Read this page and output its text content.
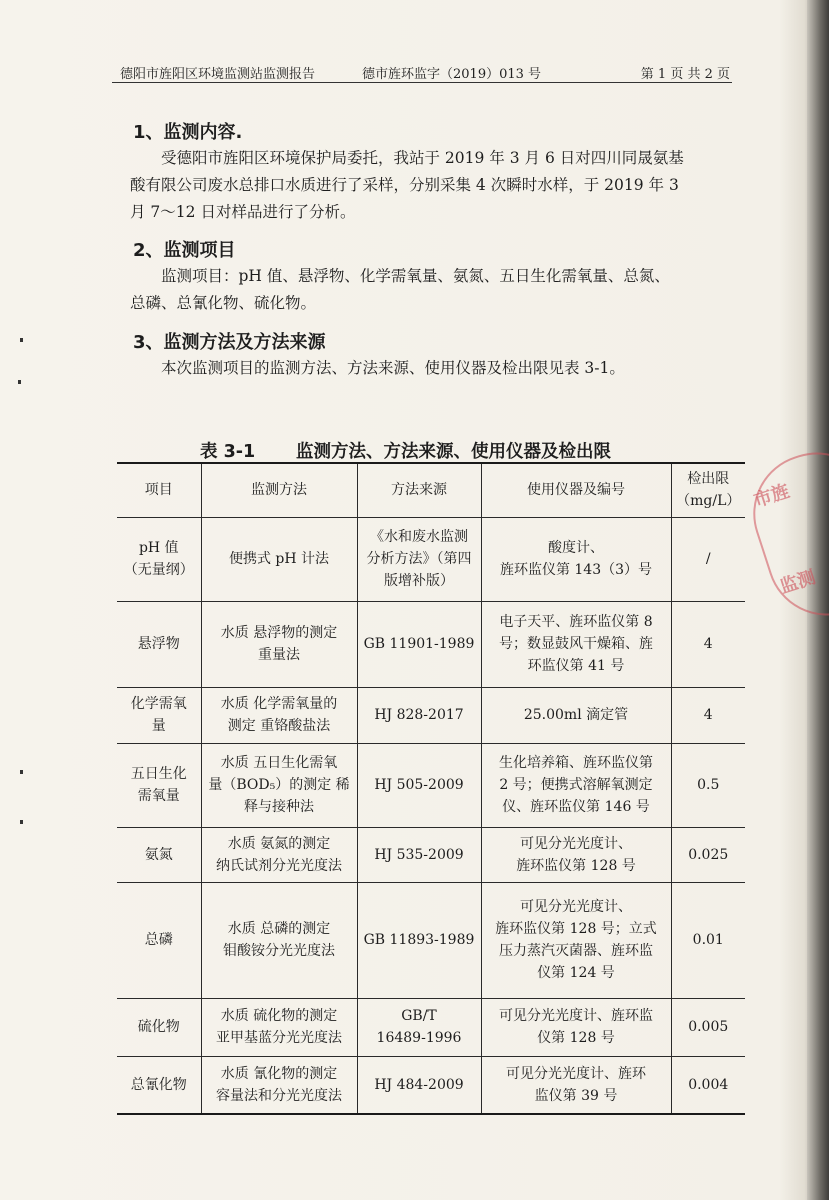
德阳市旌阳区环境监测站监测报告	德市旌环监字（2019）013 号	第 1 页 共 2 页
1、监测内容.
受德阳市旌阳区环境保护局委托，我站于 2019 年 3 月 6 日对四川同晟氨基
酸有限公司废水总排口水质进行了采样，分别采集 4 次瞬时水样，于 2019 年 3
月 7～12 日对样品进行了分析。
2、监测项目
监测项目：pH 值、悬浮物、化学需氧量、氨氮、五日生化需氧量、总氮、
总磷、总氰化物、硫化物。
3、监测方法及方法来源
本次监测项目的监测方法、方法来源、使用仪器及检出限见表 3-1。
表 3-1 监测方法、方法来源、使用仪器及检出限
项目	监测方法	方法来源	使用仪器及编号	检出限
（mg/L）
pH 值
（无量纲）	便携式 pH 计法	《水和废水监测
分析方法》（第四
版增补版）	酸度计、
旌环监仪第 143（3）号	/
悬浮物	水质 悬浮物的测定
重量法	GB 11901-1989	电子天平、旌环监仪第 8
号；数显鼓风干燥箱、旌
环监仪第 41 号	4
化学需氧
量	水质 化学需氧量的
测定 重铬酸盐法	HJ 828-2017	25.00ml 滴定管	4
五日生化
需氧量	水质 五日生化需氧
量（BOD₅）的测定 稀
释与接种法	HJ 505-2009	生化培养箱、旌环监仪第
2 号；便携式溶解氧测定
仪、旌环监仪第 146 号	0.5
氨氮	水质 氨氮的测定
纳氏试剂分光光度法	HJ 535-2009	可见分光光度计、
旌环监仪第 128 号	0.025
总磷	水质 总磷的测定
钼酸铵分光光度法	GB 11893-1989	可见分光光度计、
旌环监仪第 128 号；立式
压力蒸汽灭菌器、旌环监
仪第 124 号	0.01
硫化物	水质 硫化物的测定
亚甲基蓝分光光度法	GB/T
16489-1996	可见分光光度计、旌环监
仪第 128 号	0.005
总氰化物	水质 氰化物的测定
容量法和分光光度法	HJ 484-2009	可见分光光度计、旌环
监仪第 39 号	0.004
市旌
监测
